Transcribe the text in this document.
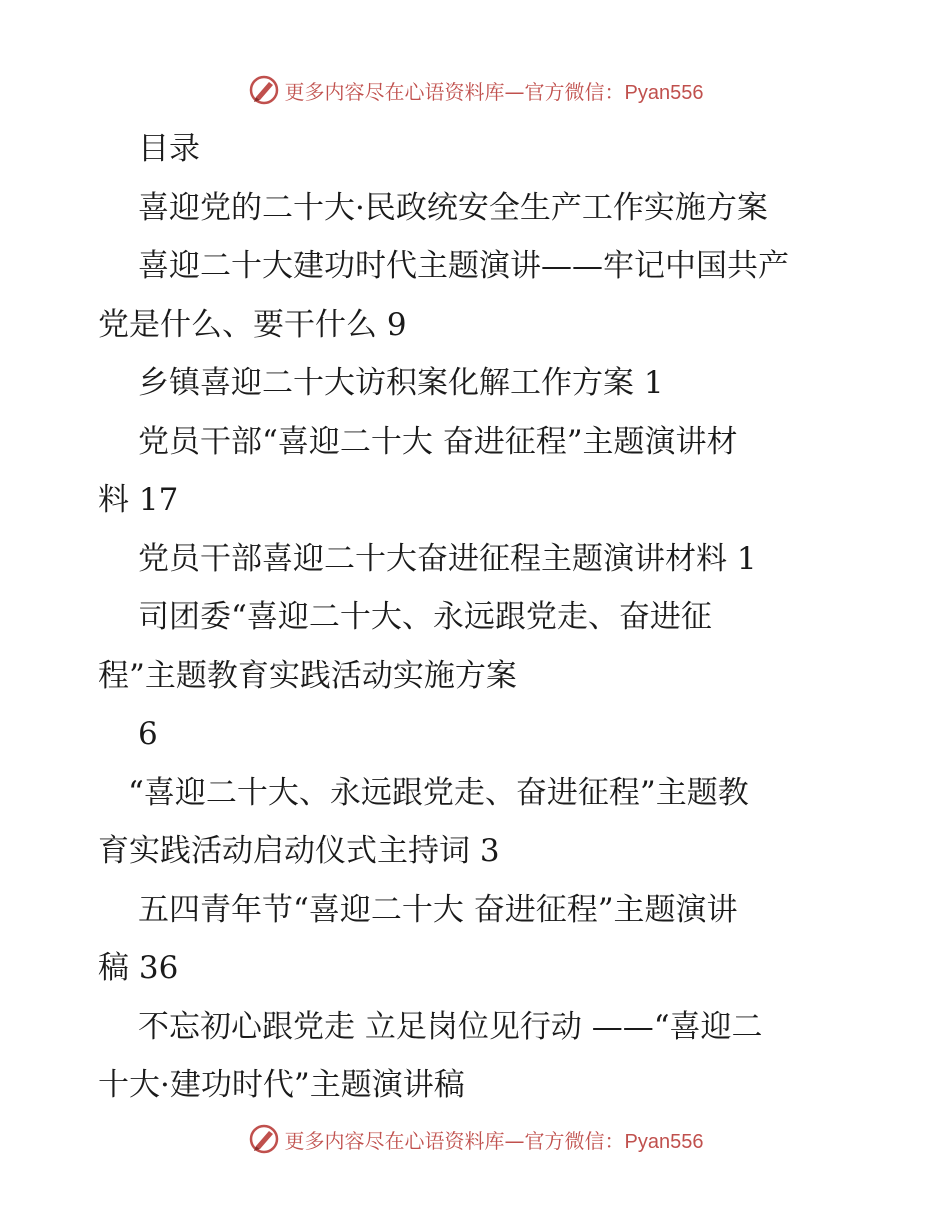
更多内容尽在心语资料库—官方微信：Pyan556
目录
喜迎党的二十大·民政统安全生产工作实施方案
喜迎二十大建功时代主题演讲——牢记中国共产
党是什么、要干什么 9
乡镇喜迎二十大访积案化解工作方案 1
党员干部“喜迎二十大 奋进征程”主题演讲材
料 17
党员干部喜迎二十大奋进征程主题演讲材料 1
司团委“喜迎二十大、永远跟党走、奋进征
程”主题教育实践活动实施方案
6
“喜迎二十大、永远跟党走、奋进征程”主题教
育实践活动启动仪式主持词 3
五四青年节“喜迎二十大 奋进征程”主题演讲
稿 36
不忘初心跟党走 立足岗位见行动 ——“喜迎二
十大·建功时代”主题演讲稿
更多内容尽在心语资料库—官方微信：Pyan556
